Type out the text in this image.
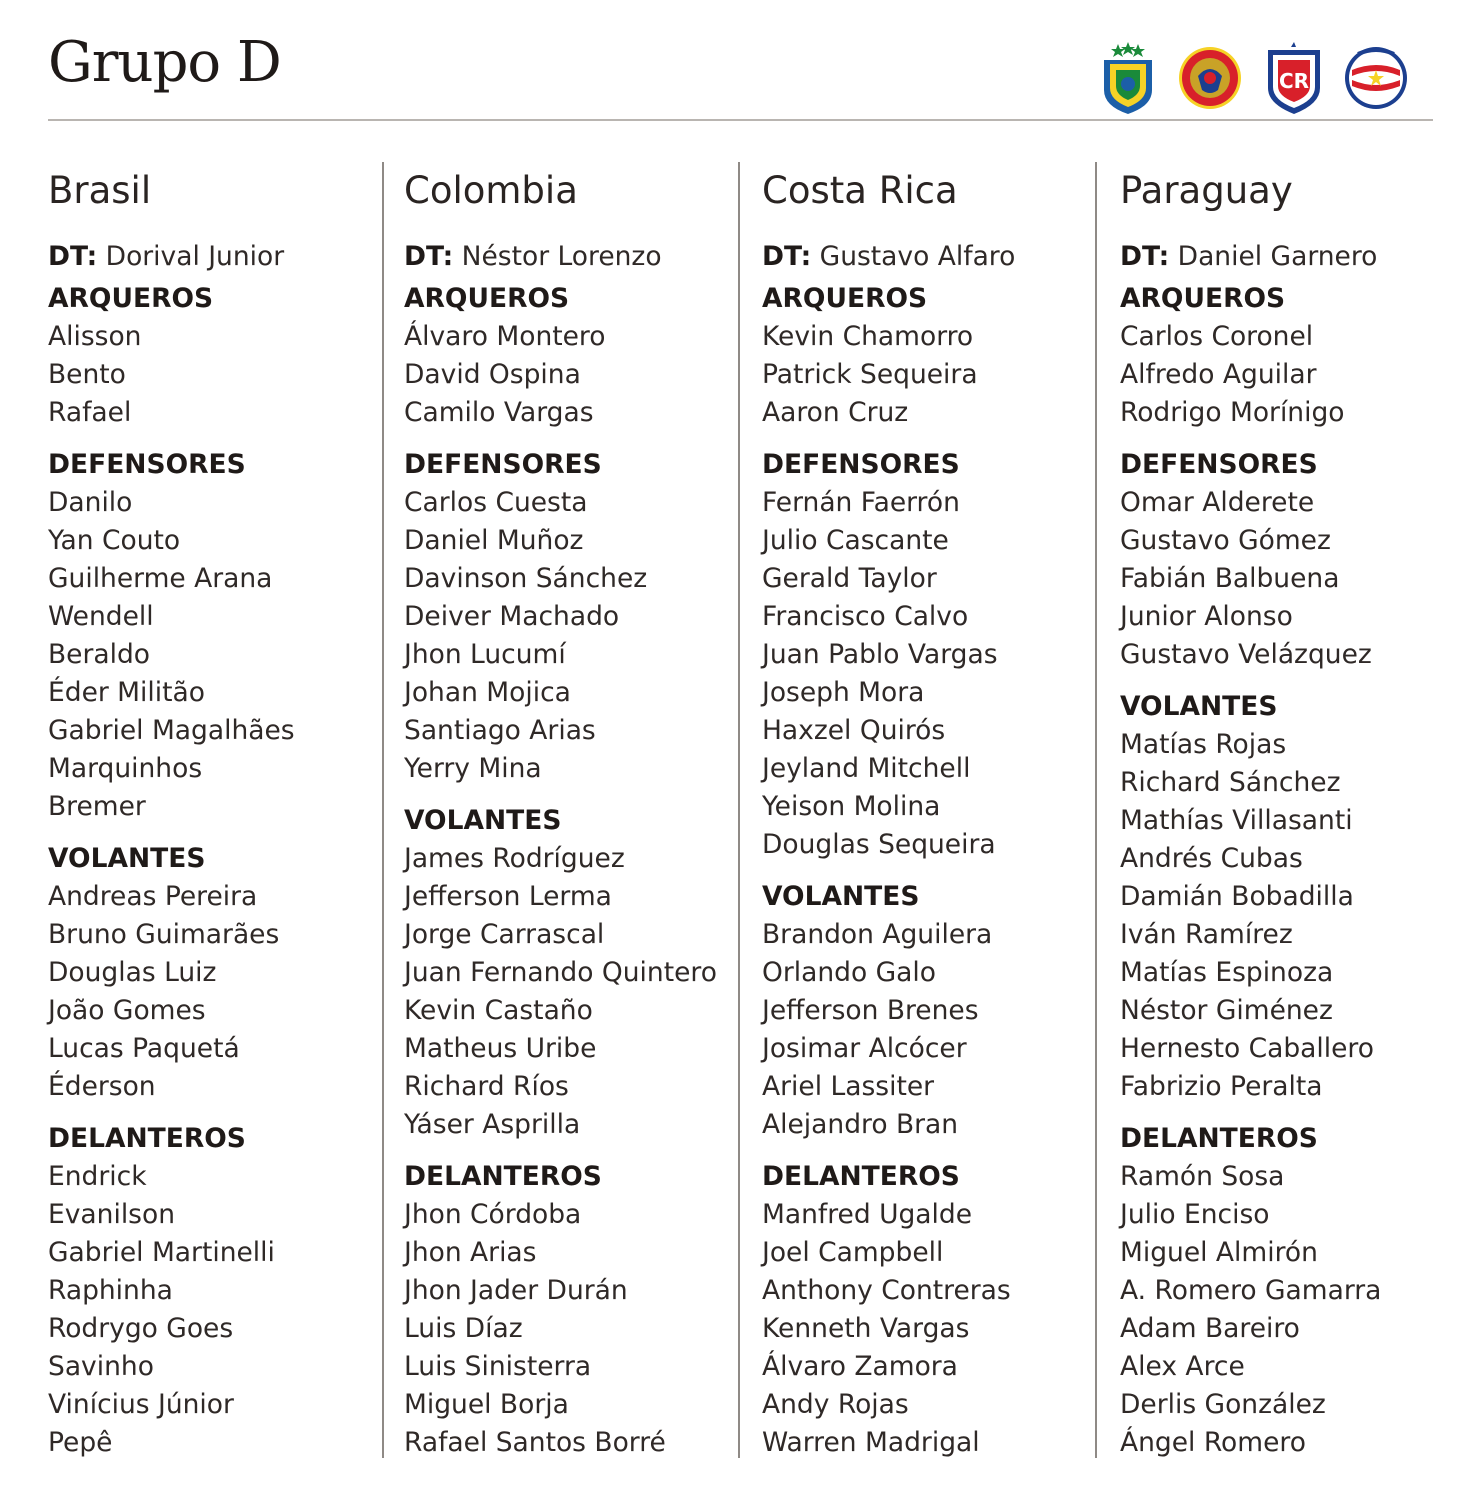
Grupo D	CR
Brasil
DT: Dorival Junior
ARQUEROS
Alisson
Bento
Rafael
DEFENSORES
Danilo
Yan Couto
Guilherme Arana
Wendell
Beraldo
Éder Militão
Gabriel Magalhães
Marquinhos
Bremer
VOLANTES
Andreas Pereira
Bruno Guimarães
Douglas Luiz
João Gomes
Lucas Paquetá
Éderson
DELANTEROS
Endrick
Evanilson
Gabriel Martinelli
Raphinha
Rodrygo Goes
Savinho
Vinícius Júnior
Pepê
Colombia
DT: Néstor Lorenzo
ARQUEROS
Álvaro Montero
David Ospina
Camilo Vargas
DEFENSORES
Carlos Cuesta
Daniel Muñoz
Davinson Sánchez
Deiver Machado
Jhon Lucumí
Johan Mojica
Santiago Arias
Yerry Mina
VOLANTES
James Rodríguez
Jefferson Lerma
Jorge Carrascal
Juan Fernando Quintero
Kevin Castaño
Matheus Uribe
Richard Ríos
Yáser Asprilla
DELANTEROS
Jhon Córdoba
Jhon Arias
Jhon Jader Durán
Luis Díaz
Luis Sinisterra
Miguel Borja
Rafael Santos Borré
Costa Rica
DT: Gustavo Alfaro
ARQUEROS
Kevin Chamorro
Patrick Sequeira
Aaron Cruz
DEFENSORES
Fernán Faerrón
Julio Cascante
Gerald Taylor
Francisco Calvo
Juan Pablo Vargas
Joseph Mora
Haxzel Quirós
Jeyland Mitchell
Yeison Molina
Douglas Sequeira
VOLANTES
Brandon Aguilera
Orlando Galo
Jefferson Brenes
Josimar Alcócer
Ariel Lassiter
Alejandro Bran
DELANTEROS
Manfred Ugalde
Joel Campbell
Anthony Contreras
Kenneth Vargas
Álvaro Zamora
Andy Rojas
Warren Madrigal
Paraguay
DT: Daniel Garnero
ARQUEROS
Carlos Coronel
Alfredo Aguilar
Rodrigo Morínigo
DEFENSORES
Omar Alderete
Gustavo Gómez
Fabián Balbuena
Junior Alonso
Gustavo Velázquez
VOLANTES
Matías Rojas
Richard Sánchez
Mathías Villasanti
Andrés Cubas
Damián Bobadilla
Iván Ramírez
Matías Espinoza
Néstor Giménez
Hernesto Caballero
Fabrizio Peralta
DELANTEROS
Ramón Sosa
Julio Enciso
Miguel Almirón
A. Romero Gamarra
Adam Bareiro
Alex Arce
Derlis González
Ángel Romero
